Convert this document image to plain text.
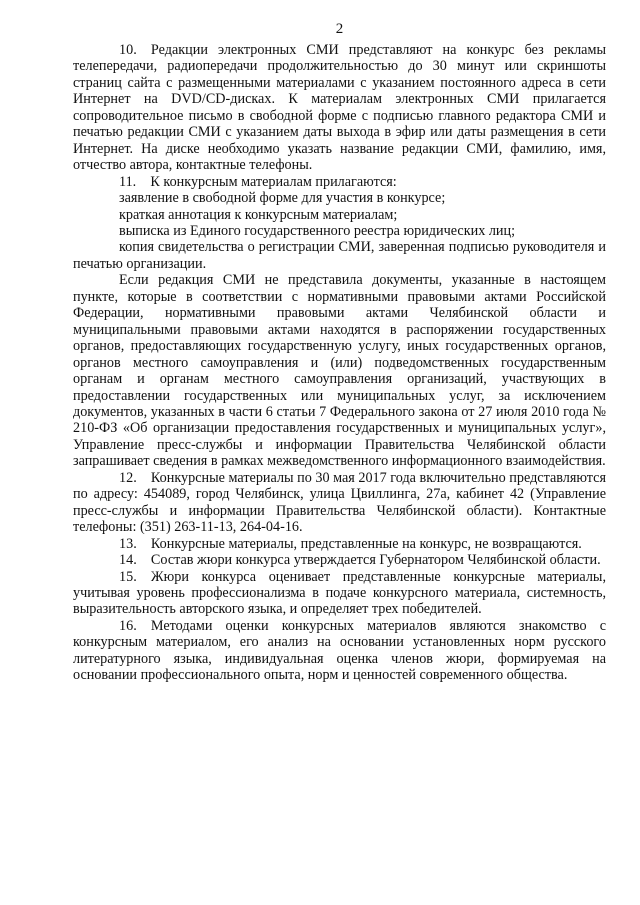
2

10. Редакции электронных СМИ представляют на конкурс без рекламы телепередачи, радиопередачи продолжительностью до 30 минут или скриншоты страниц сайта с размещенными материалами с указанием постоянного адреса в сети Интернет на DVD/CD-дисках. К материалам электронных СМИ прилагается сопроводительное письмо в свободной форме с подписью главного редактора СМИ и печатью редакции СМИ с указанием даты выхода в эфир или даты размещения в сети Интернет. На диске необходимо указать название редакции СМИ, фамилию, имя, отчество автора, контактные телефоны.

11. К конкурсным материалам прилагаются:

заявление в свободной форме для участия в конкурсе;

краткая аннотация к конкурсным материалам;

выписка из Единого государственного реестра юридических лиц;

копия свидетельства о регистрации СМИ, заверенная подписью руководителя и печатью организации.

Если редакция СМИ не представила документы, указанные в настоящем пункте, которые в соответствии с нормативными правовыми актами Российской Федерации, нормативными правовыми актами Челябинской области и муниципальными правовыми актами находятся в распоряжении государственных органов, предоставляющих государственную услугу, иных государственных органов, органов местного самоуправления и (или) подведомственных государственным органам и органам местного самоуправления организаций, участвующих в предоставлении государственных или муниципальных услуг, за исключением документов, указанных в части 6 статьи 7 Федерального закона от 27 июля 2010 года № 210-ФЗ «Об организации предоставления государственных и муниципальных услуг», Управление пресс-службы и информации Правительства Челябинской области запрашивает сведения в рамках межведомственного информационного взаимодействия.

12. Конкурсные материалы по 30 мая 2017 года включительно представляются по адресу: 454089, город Челябинск, улица Цвиллинга, 27а, кабинет 42 (Управление пресс-службы и информации Правительства Челябинской области). Контактные телефоны: (351) 263-11-13, 264-04-16.

13. Конкурсные материалы, представленные на конкурс, не возвращаются.

14. Состав жюри конкурса утверждается Губернатором Челябинской области.

15. Жюри конкурса оценивает представленные конкурсные материалы, учитывая уровень профессионализма в подаче конкурсного материала, системность, выразительность авторского языка, и определяет трех победителей.

16. Методами оценки конкурсных материалов являются знакомство с конкурсным материалом, его анализ на основании установленных норм русского литературного языка, индивидуальная оценка членов жюри, формируемая на основании профессионального опыта, норм и ценностей современного общества.
